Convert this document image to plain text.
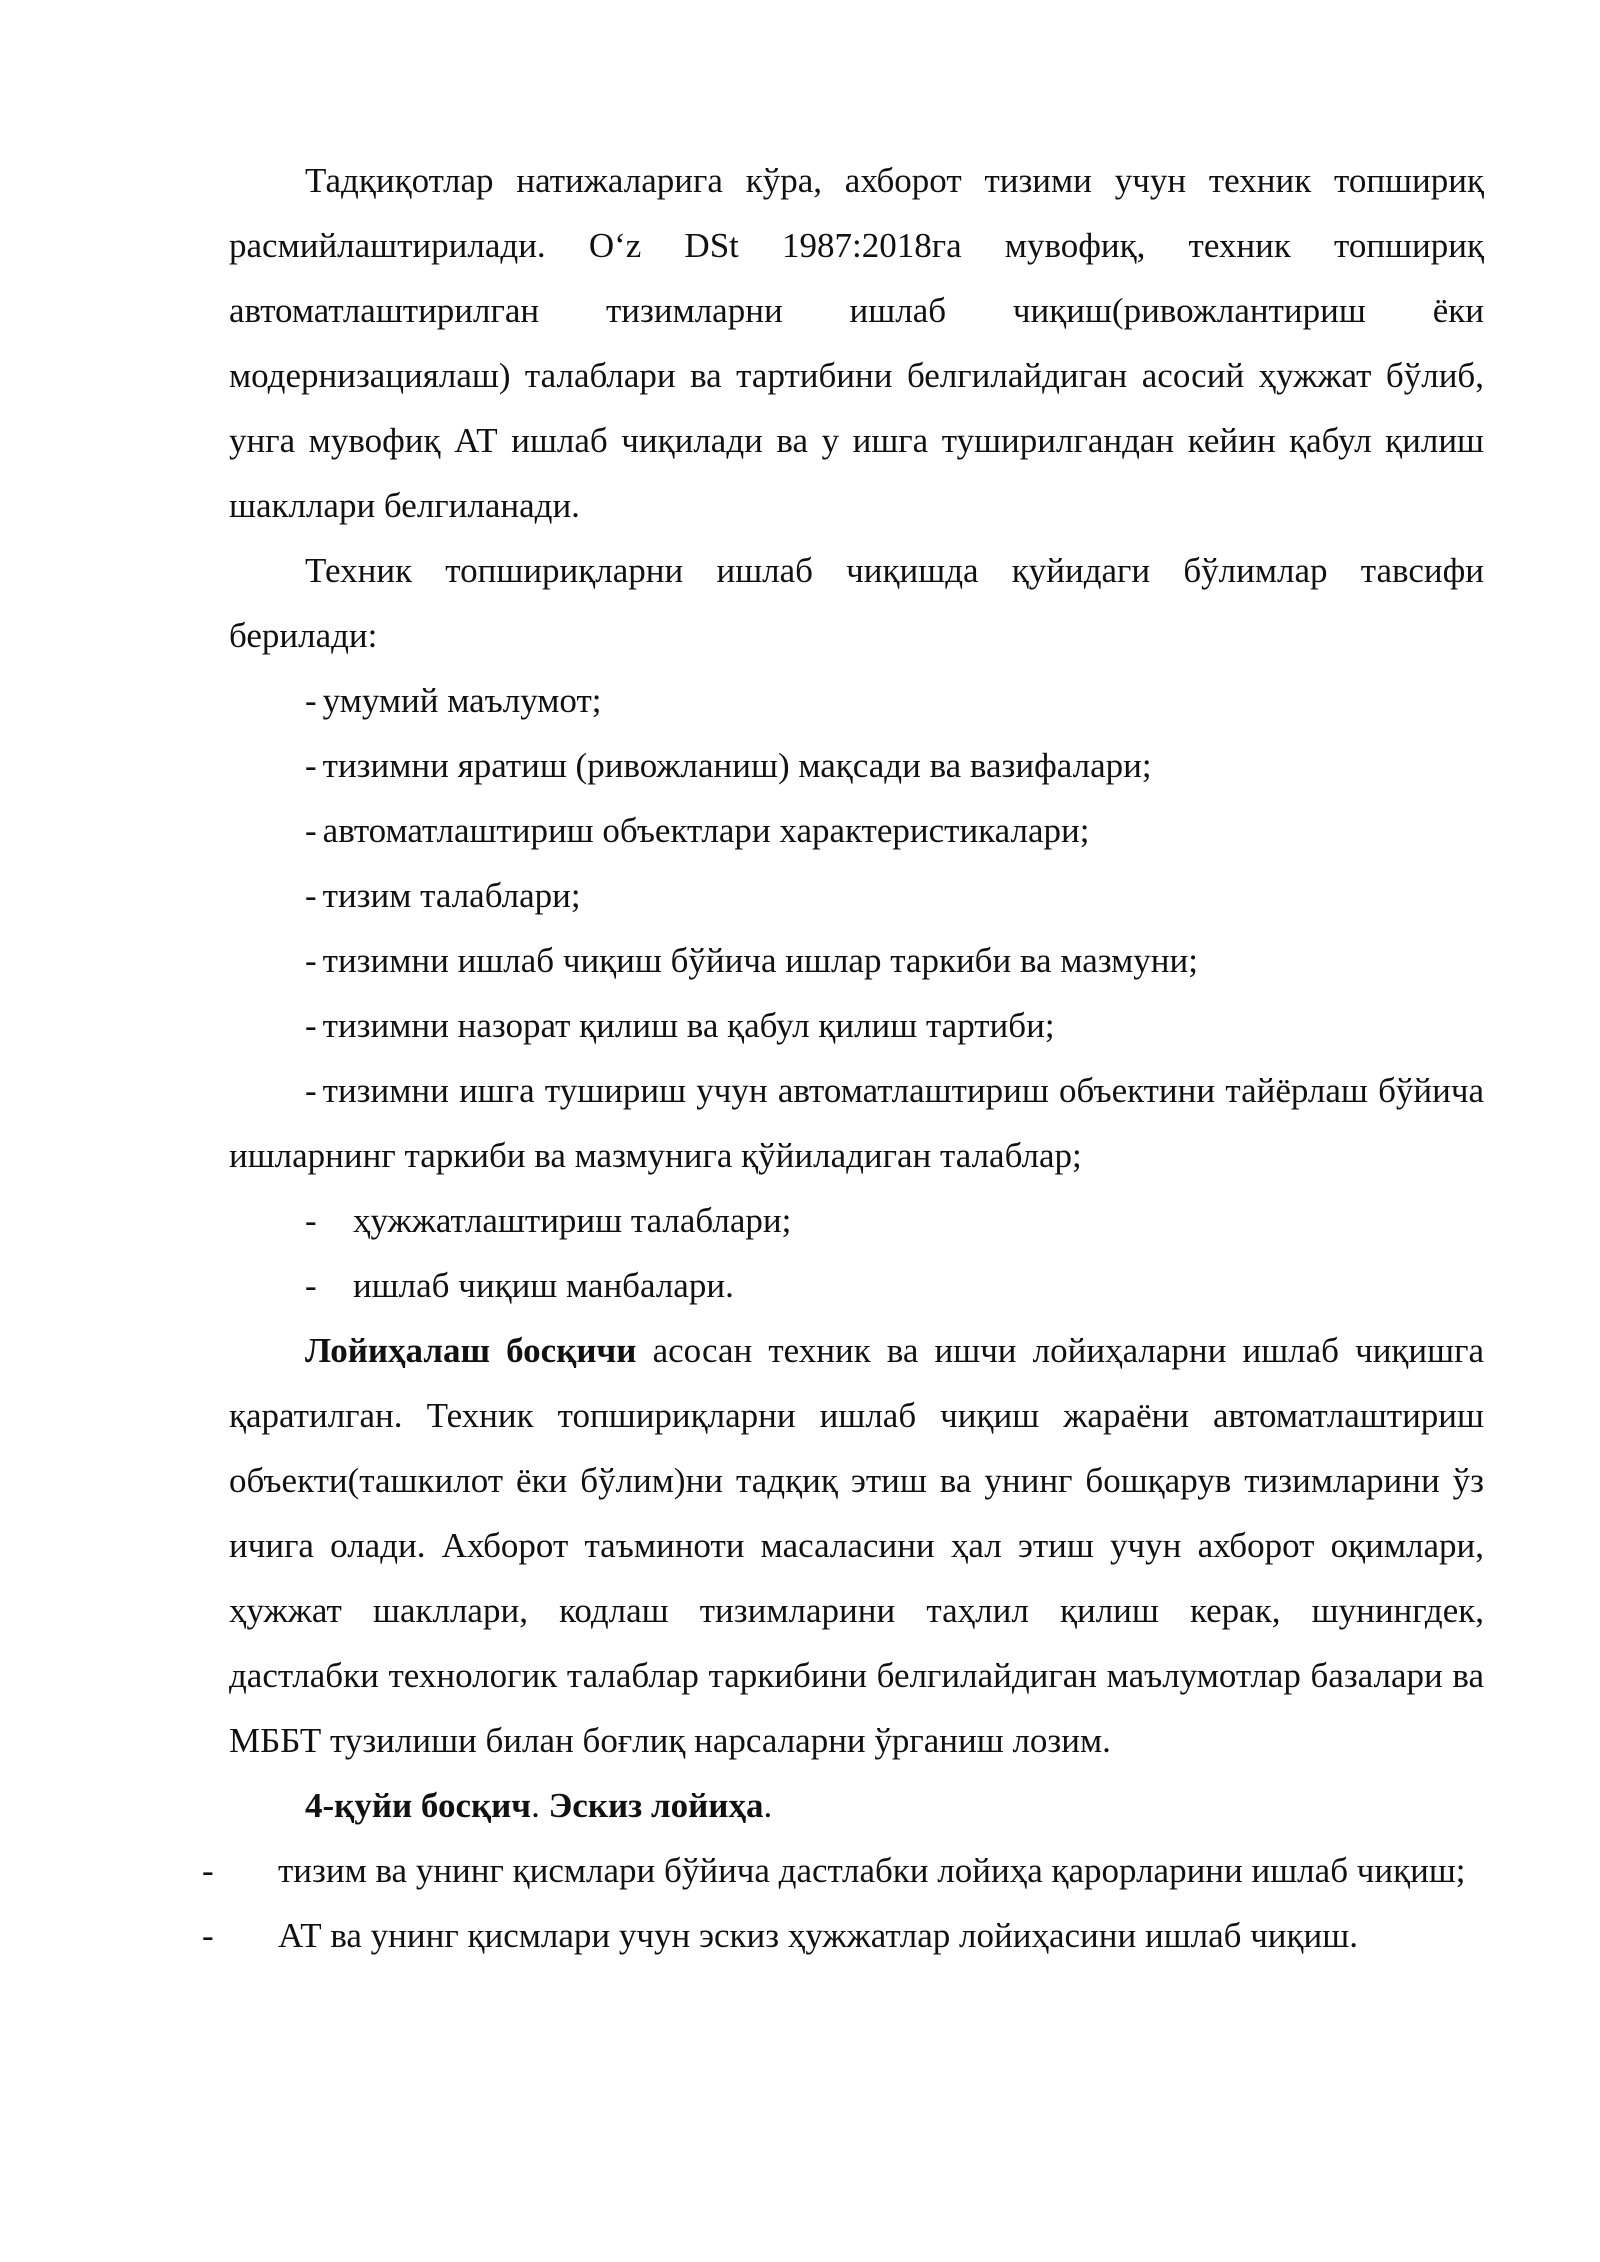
Тадқиқотлар натижаларига кўра, ахборот тизими учун техник топшириқ расмийлаштирилади. O‘z DSt 1987:2018га мувофиқ, техник топшириқ автоматлаштирилган тизимларни ишлаб чиқиш(ривожлантириш ёки модернизациялаш) талаблари ва тартибини белгилайдиган асосий ҳужжат бўлиб, унга мувофиқ АТ ишлаб чиқилади ва у ишга туширилгандан кейин қабул қилиш шакллари белгиланади.

Техник топшириқларни ишлаб чиқишда қуйидаги бўлимлар тавсифи берилади:

- умумий маълумот;

- тизимни яратиш (ривожланиш) мақсади ва вазифалари;

- автоматлаштириш объектлари характеристикалари;

- тизим талаблари;

- тизимни ишлаб чиқиш бўйича ишлар таркиби ва мазмуни;

- тизимни назорат қилиш ва қабул қилиш тартиби;

- тизимни ишга тушириш учун автоматлаштириш объектини тайёрлаш бўйича ишларнинг таркиби ва мазмунига қўйиладиган талаблар;

-	ҳужжатлаштириш талаблари;

-	ишлаб чиқиш манбалари.

Лойиҳалаш босқичи асосан техник ва ишчи лойиҳаларни ишлаб чиқишга қаратилган. Техник топшириқларни ишлаб чиқиш жараёни автоматлаштириш объекти(ташкилот ёки бўлим)ни тадқиқ этиш ва унинг бошқарув тизимларини ўз ичига олади. Ахборот таъминоти масаласини ҳал этиш учун ахборот оқимлари, ҳужжат шакллари, кодлаш тизимларини таҳлил қилиш керак, шунингдек, дастлабки технологик талаблар таркибини белгилайдиган маълумотлар базалари ва МББТ тузилиши билан боғлиқ нарсаларни ўрганиш лозим.

4-қуйи босқич. Эскиз лойиҳа.

-	тизим ва унинг қисмлари бўйича дастлабки лойиҳа қарорларини ишлаб чиқиш;
-	АТ ва унинг қисмлари учун эскиз ҳужжатлар лойиҳасини ишлаб чиқиш.
